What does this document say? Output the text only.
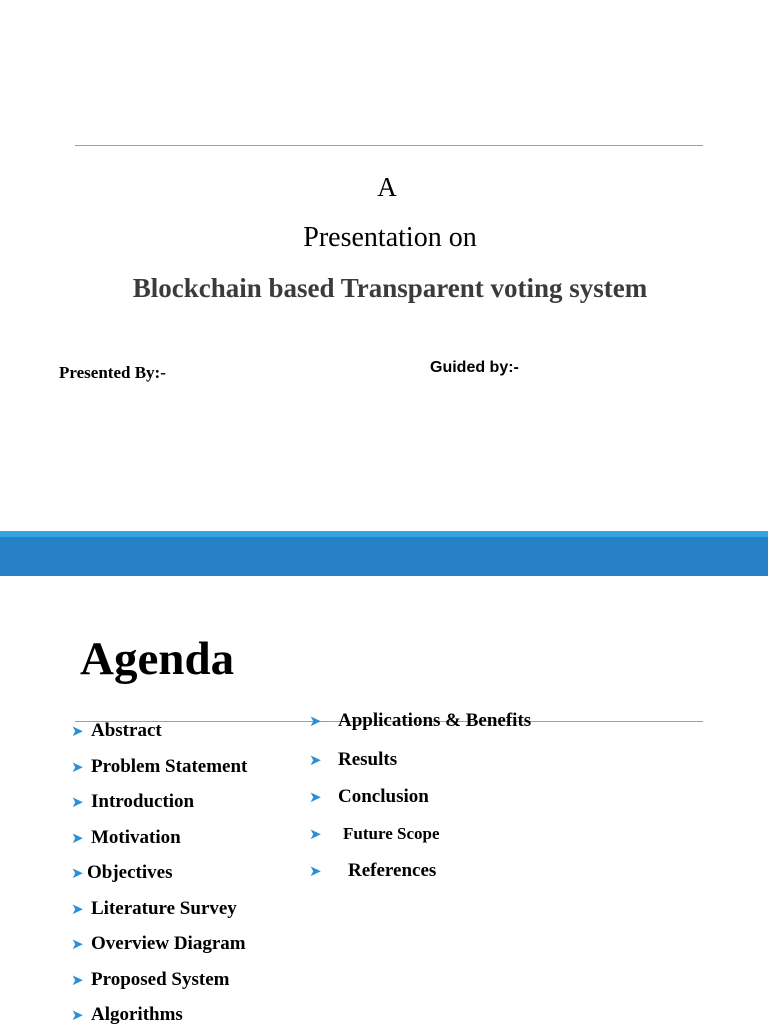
A
Presentation on
Blockchain based Transparent voting system
Presented By:-	Guided by:-
Agenda
➤ Abstract
➤ Problem Statement
➤ Introduction
➤ Motivation
➤ Objectives
➤ Literature Survey
➤ Overview Diagram
➤ Proposed System
➤ Algorithms
➤ Applications & Benefits
➤ Results
➤ Conclusion
➤ Future Scope
➤ References
